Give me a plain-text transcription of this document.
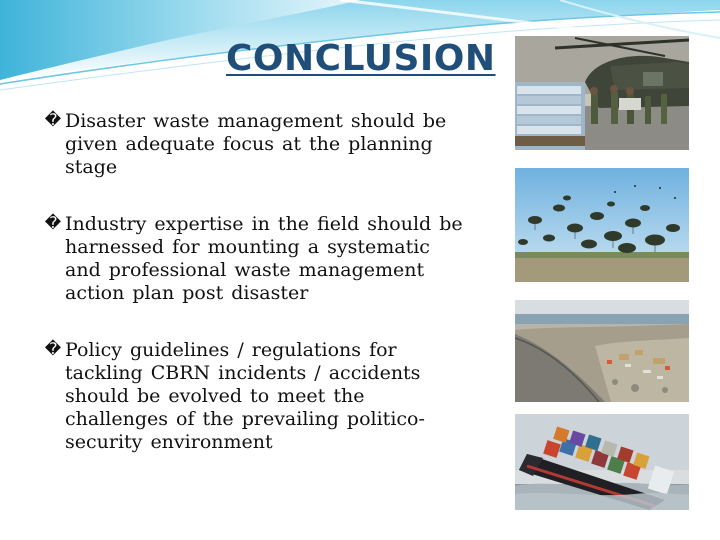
CONCLUSION
� Disaster waste management should be given adequate focus at the planning stage
� Industry expertise in the field should be harnessed for mounting a systematic and professional waste management action plan post disaster
� Policy guidelines / regulations for tackling CBRN incidents / accidents should be evolved to meet the challenges of the prevailing politico-security environment
